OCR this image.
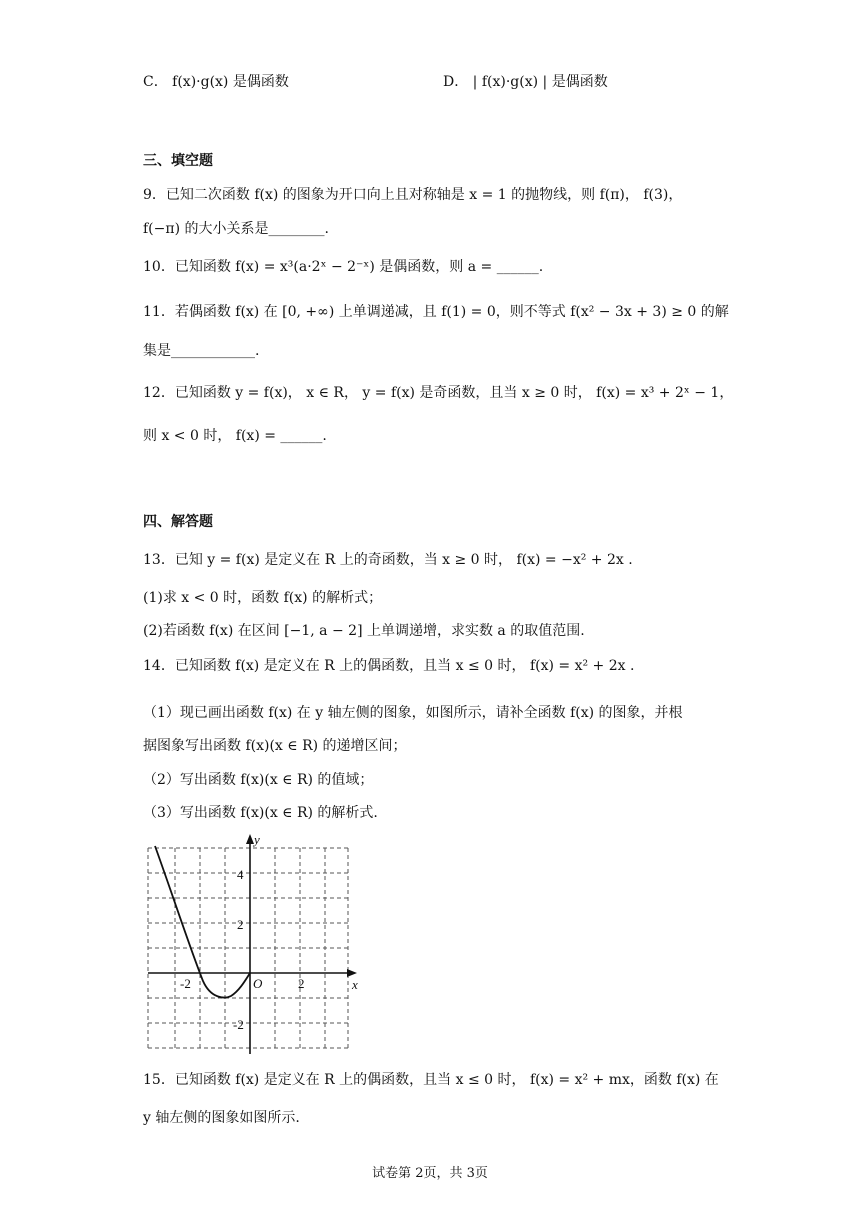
C． f(x)·g(x) 是偶函数	D． | f(x)·g(x) | 是偶函数
三、填空题
9．已知二次函数 f(x) 的图象为开口向上且对称轴是 x = 1 的抛物线，则 f(π)， f(3)，
f(−π) 的大小关系是________.
10．已知函数 f(x) = x³(a·2ˣ − 2⁻ˣ) 是偶函数，则 a = ______.
11．若偶函数 f(x) 在 [0, +∞) 上单调递减，且 f(1) = 0，则不等式 f(x² − 3x + 3) ≥ 0 的解
集是____________.
12．已知函数 y = f(x)， x ∈ R， y = f(x) 是奇函数，且当 x ≥ 0 时， f(x) = x³ + 2ˣ − 1，
则 x < 0 时， f(x) = ______.
四、解答题
13．已知 y = f(x) 是定义在 R 上的奇函数，当 x ≥ 0 时， f(x) = −x² + 2x .
(1)求 x < 0 时，函数 f(x) 的解析式；
(2)若函数 f(x) 在区间 [−1, a − 2] 上单调递增，求实数 a 的取值范围.
14．已知函数 f(x) 是定义在 R 上的偶函数，且当 x ≤ 0 时， f(x) = x² + 2x .
（1）现已画出函数 f(x) 在 y 轴左侧的图象，如图所示，请补全函数 f(x) 的图象，并根
据图象写出函数 f(x)(x ∈ R) 的递增区间；
（2）写出函数 f(x)(x ∈ R) 的值域；
（3）写出函数 f(x)(x ∈ R) 的解析式.
y
x
O
4
2
-2
-2	2
15．已知函数 f(x) 是定义在 R 上的偶函数，且当 x ≤ 0 时， f(x) = x² + mx，函数 f(x) 在
y 轴左侧的图象如图所示.
试卷第 2页，共 3页
